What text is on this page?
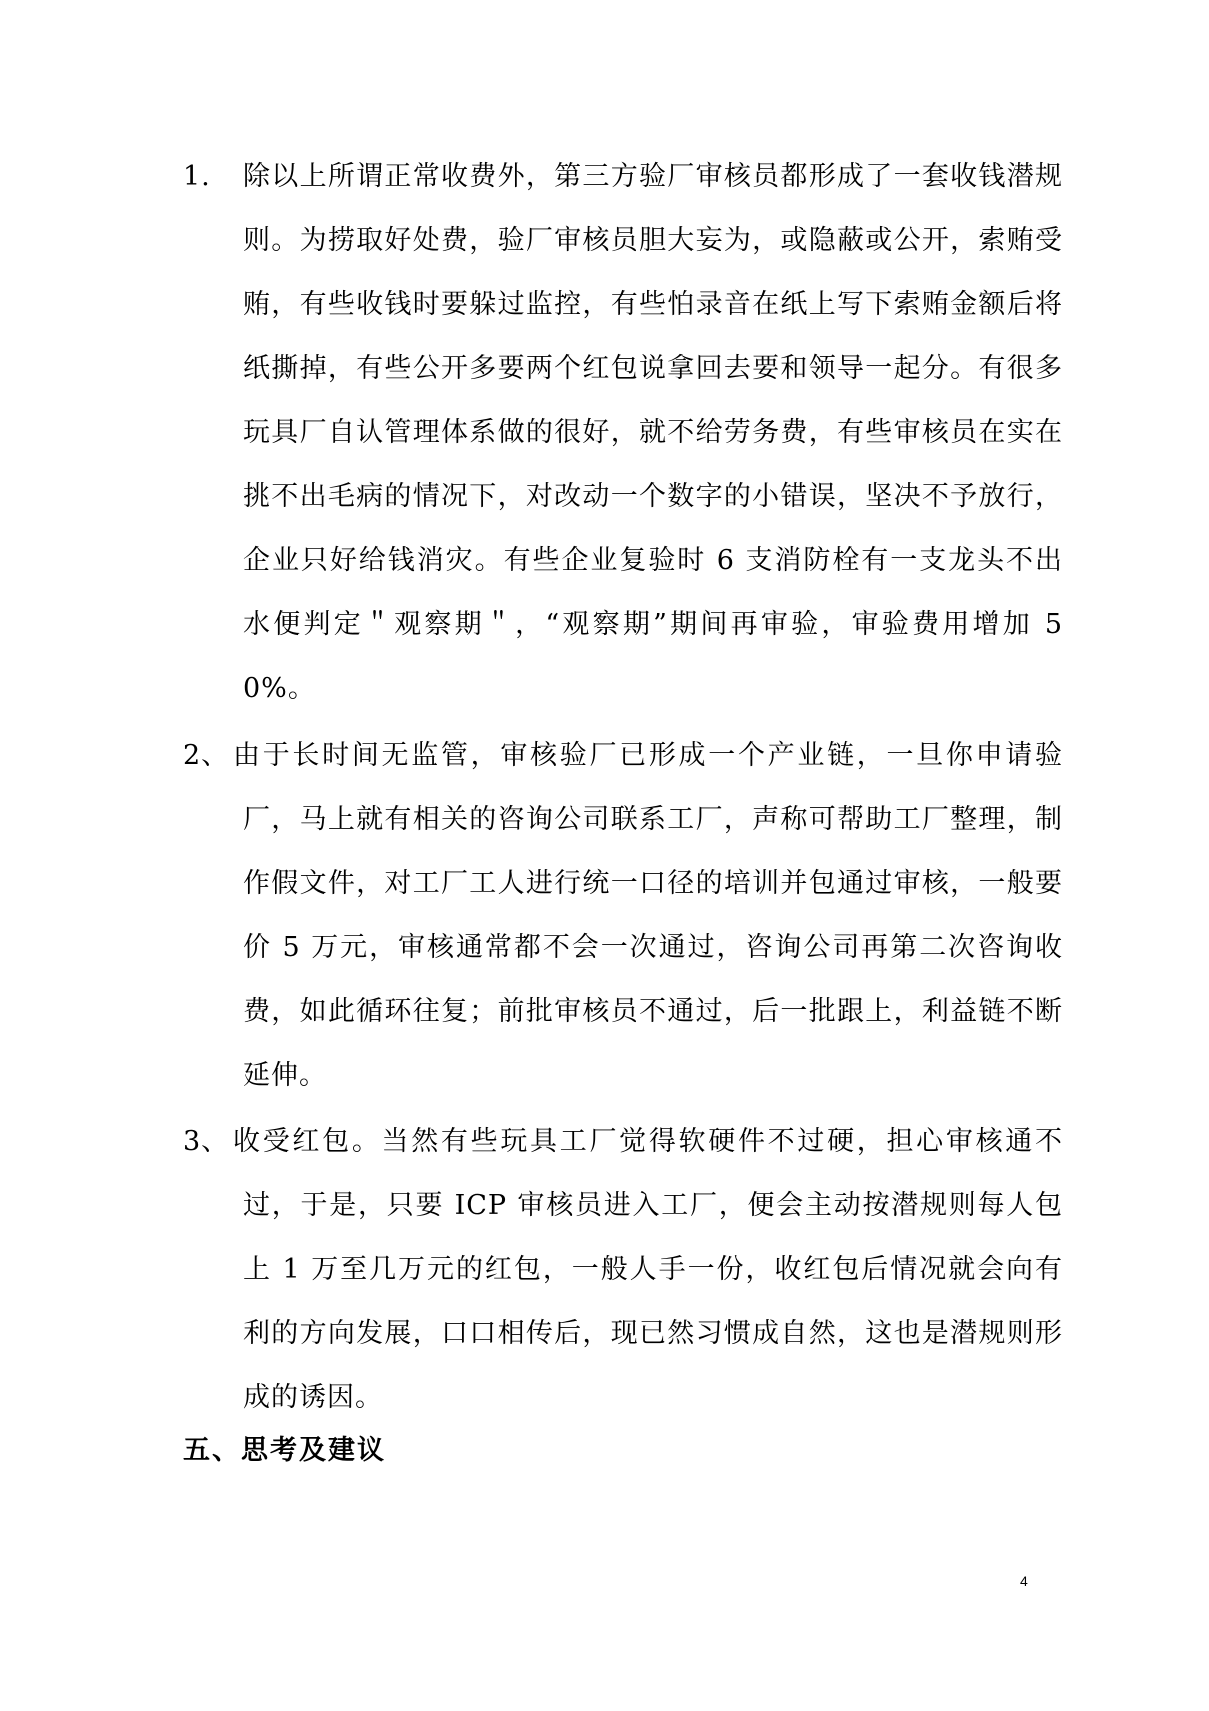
1.	除以上所谓正常收费外，第三方验厂审核员都形成了一套收钱潜规则。为捞取好处费，验厂审核员胆大妄为，或隐蔽或公开，索贿受贿，有些收钱时要躲过监控，有些怕录音在纸上写下索贿金额后将纸撕掉，有些公开多要两个红包说拿回去要和领导一起分。有很多玩具厂自认管理体系做的很好，就不给劳务费，有些审核员在实在挑不出毛病的情况下，对改动一个数字的小错误，坚决不予放行，企业只好给钱消灾。有些企业复验时 6 支消防栓有一支龙头不出水便判定＂观察期＂，“观察期”期间再审验，审验费用增加 50%。
2、 由于长时间无监管，审核验厂已形成一个产业链，一旦你申请验厂，马上就有相关的咨询公司联系工厂，声称可帮助工厂整理，制作假文件，对工厂工人进行统一口径的培训并包通过审核，一般要价 5 万元，审核通常都不会一次通过，咨询公司再第二次咨询收费，如此循环往复；前批审核员不通过，后一批跟上，利益链不断延伸。
3、 收受红包。当然有些玩具工厂觉得软硬件不过硬，担心审核通不过，于是，只要 ICP 审核员进入工厂，便会主动按潜规则每人包上 1 万至几万元的红包，一般人手一份，收红包后情况就会向有利的方向发展，口口相传后，现已然习惯成自然，这也是潜规则形成的诱因。
五、思考及建议
4
